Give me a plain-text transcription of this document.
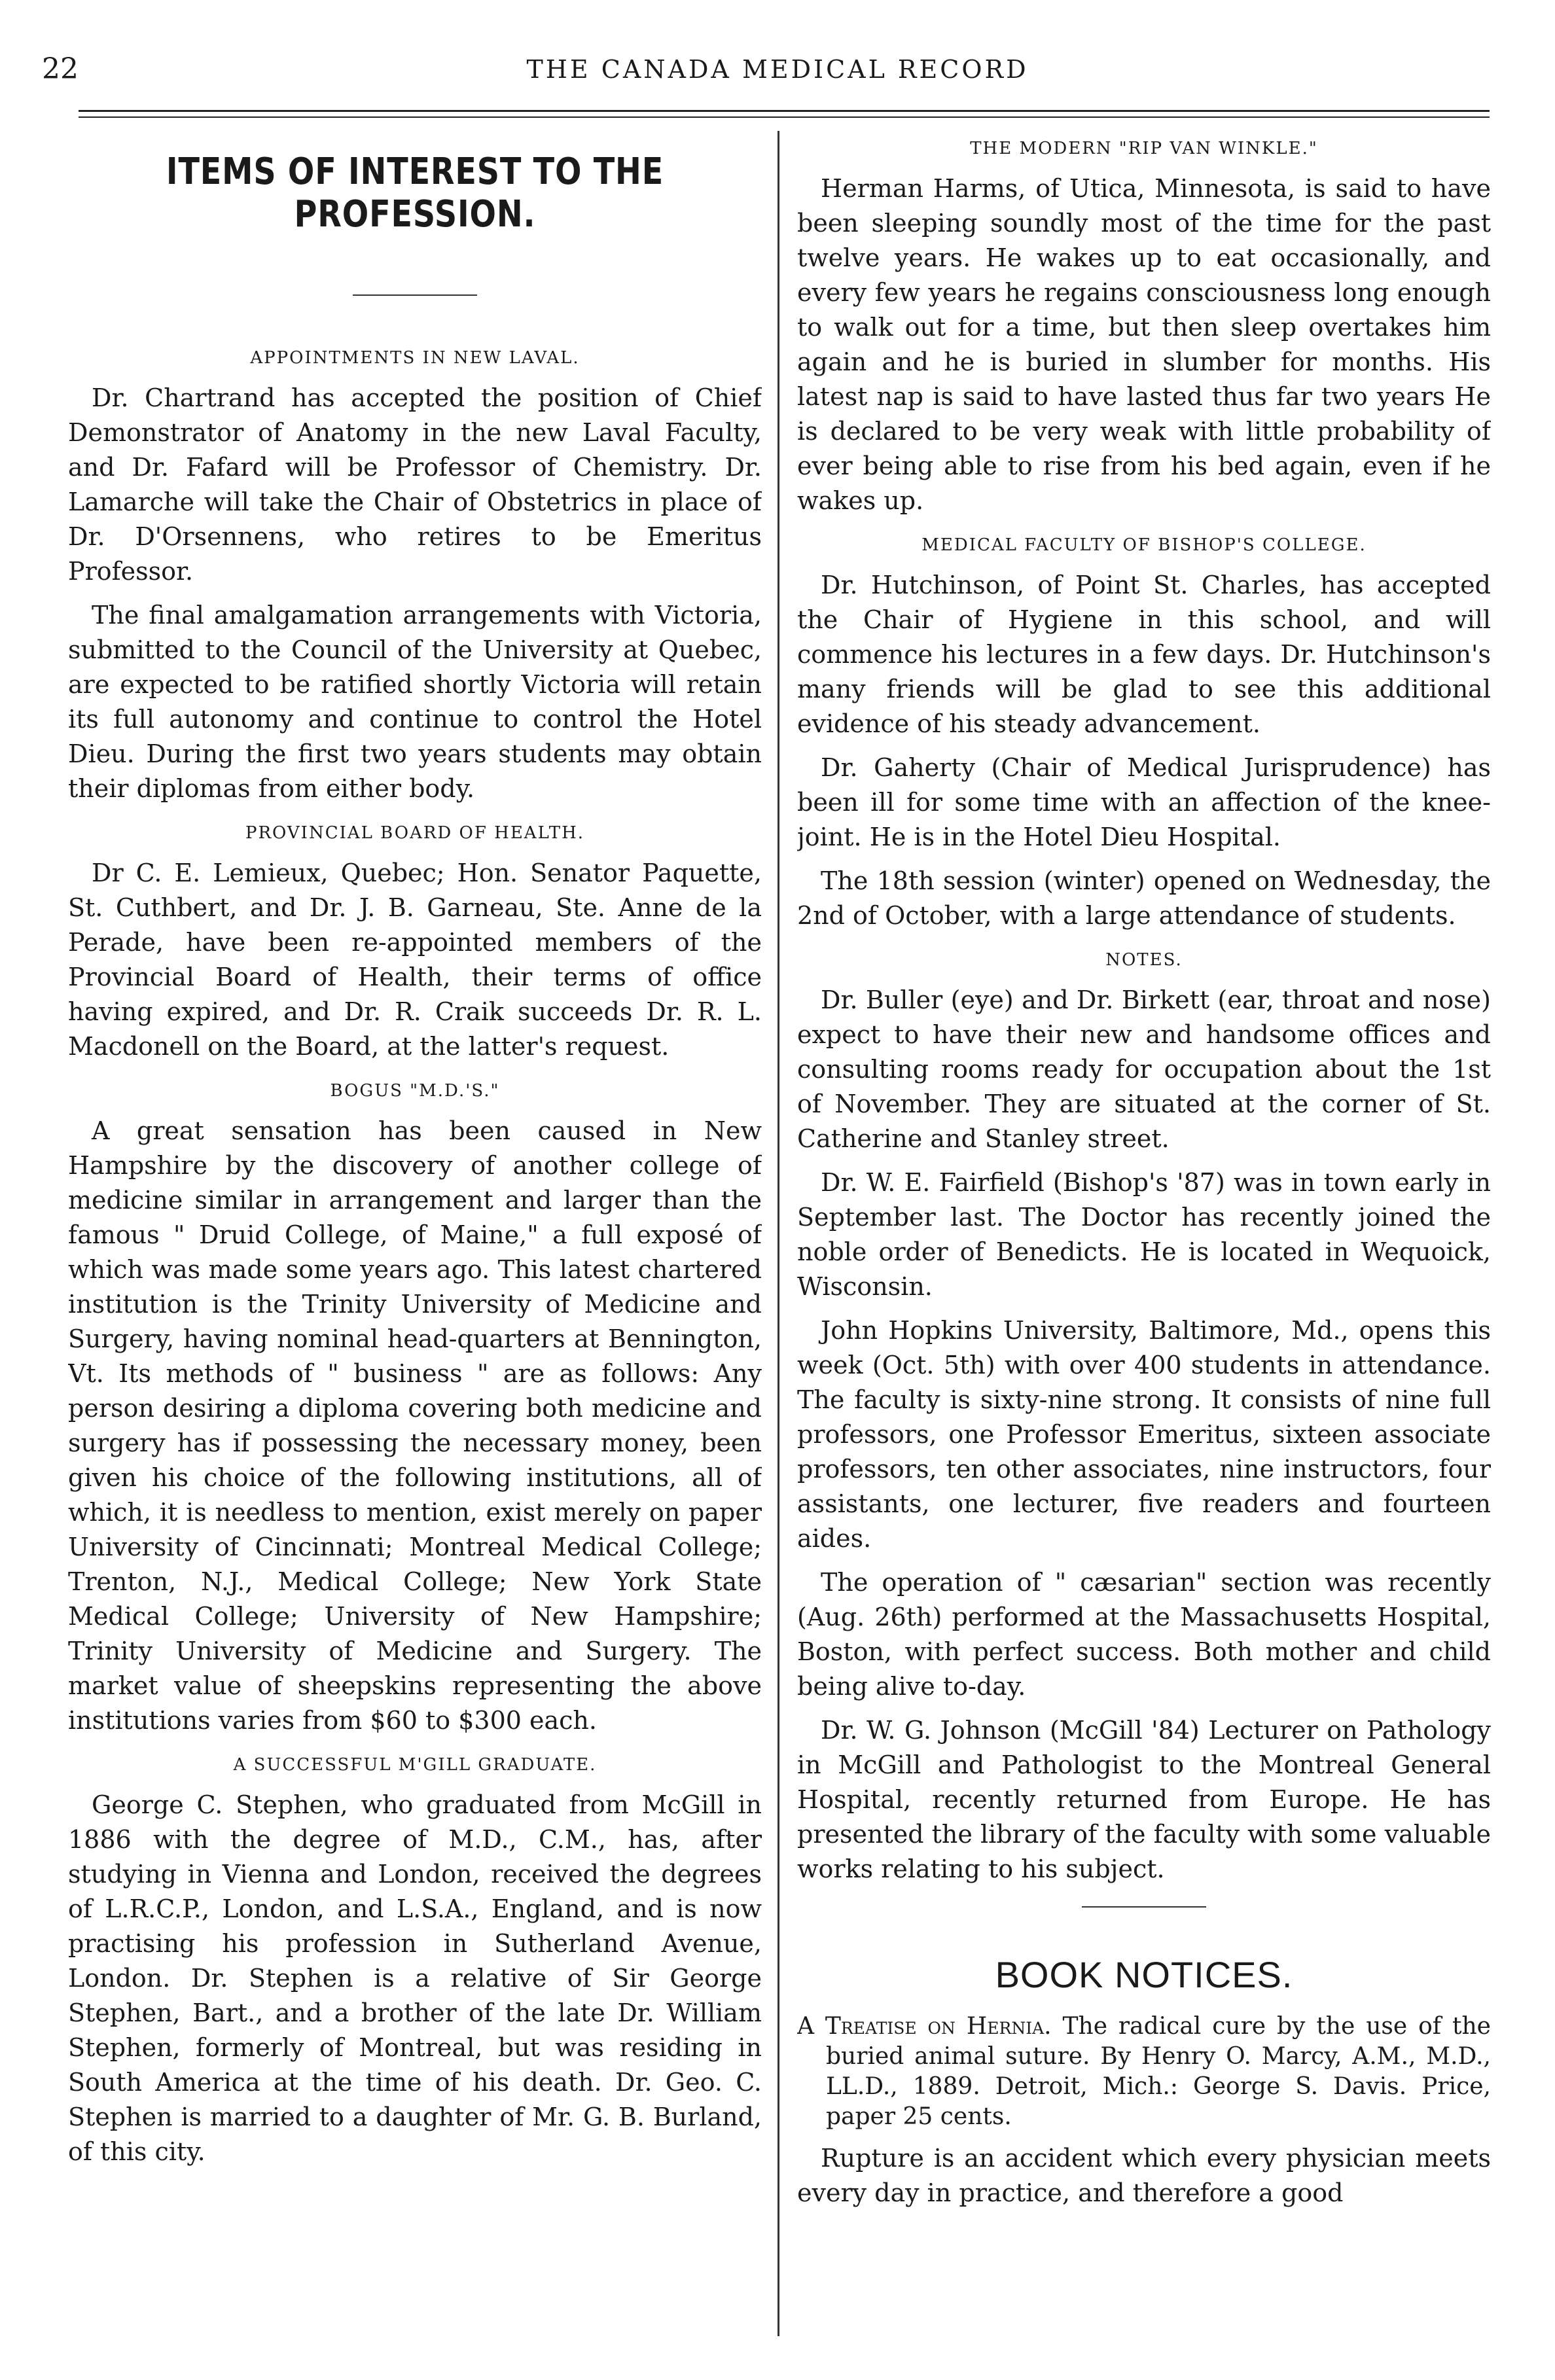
22	THE CANADA MEDICAL RECORD
ITEMS OF INTEREST TO THE PROFESSION.
APPOINTMENTS IN NEW LAVAL.

Dr. Chartrand has accepted the position of Chief Demonstrator of Anatomy in the new Laval Faculty, and Dr. Fafard will be Professor of Chemistry. Dr. Lamarche will take the Chair of Obstetrics in place of Dr. D'Orsennens, who retires to be Emeritus Professor.

The final amalgamation arrangements with Victoria, submitted to the Council of the University at Quebec, are expected to be ratified shortly Victoria will retain its full autonomy and continue to control the Hotel Dieu. During the first two years students may obtain their diplomas from either body.

PROVINCIAL BOARD OF HEALTH.

Dr C. E. Lemieux, Quebec; Hon. Senator Paquette, St. Cuthbert, and Dr. J. B. Garneau, Ste. Anne de la Perade, have been re-appointed members of the Provincial Board of Health, their terms of office having expired, and Dr. R. Craik succeeds Dr. R. L. Macdonell on the Board, at the latter's request.

BOGUS "M.D.'S."

A great sensation has been caused in New Hampshire by the discovery of another college of medicine similar in arrangement and larger than the famous " Druid College, of Maine," a full exposé of which was made some years ago. This latest chartered institution is the Trinity University of Medicine and Surgery, having nominal head-quarters at Bennington, Vt. Its methods of " business " are as follows: Any person desiring a diploma covering both medicine and surgery has if possessing the necessary money, been given his choice of the following institutions, all of which, it is needless to mention, exist merely on paper University of Cincinnati; Montreal Medical College; Trenton, N.J., Medical College; New York State Medical College; University of New Hampshire; Trinity University of Medicine and Surgery. The market value of sheepskins representing the above institutions varies from $60 to $300 each.

A SUCCESSFUL M'GILL GRADUATE.

George C. Stephen, who graduated from McGill in 1886 with the degree of M.D., C.M., has, after studying in Vienna and London, received the degrees of L.R.C.P., London, and L.S.A., England, and is now practising his profession in Sutherland Avenue, London. Dr. Stephen is a relative of Sir George Stephen, Bart., and a brother of the late Dr. William Stephen, formerly of Montreal, but was residing in South America at the time of his death. Dr. Geo. C. Stephen is married to a daughter of Mr. G. B. Burland, of this city.

THE MODERN "RIP VAN WINKLE."

Herman Harms, of Utica, Minnesota, is said to have been sleeping soundly most of the time for the past twelve years. He wakes up to eat occasionally, and every few years he regains consciousness long enough to walk out for a time, but then sleep overtakes him again and he is buried in slumber for months. His latest nap is said to have lasted thus far two years He is declared to be very weak with little probability of ever being able to rise from his bed again, even if he wakes up.

MEDICAL FACULTY OF BISHOP'S COLLEGE.

Dr. Hutchinson, of Point St. Charles, has accepted the Chair of Hygiene in this school, and will commence his lectures in a few days. Dr. Hutchinson's many friends will be glad to see this additional evidence of his steady advancement.

Dr. Gaherty (Chair of Medical Jurisprudence) has been ill for some time with an affection of the knee-joint. He is in the Hotel Dieu Hospital.

The 18th session (winter) opened on Wednesday, the 2nd of October, with a large attendance of students.

NOTES.

Dr. Buller (eye) and Dr. Birkett (ear, throat and nose) expect to have their new and handsome offices and consulting rooms ready for occupation about the 1st of November. They are situated at the corner of St. Catherine and Stanley street.

Dr. W. E. Fairfield (Bishop's '87) was in town early in September last. The Doctor has recently joined the noble order of Benedicts. He is located in Wequoick, Wisconsin.

John Hopkins University, Baltimore, Md., opens this week (Oct. 5th) with over 400 students in attendance. The faculty is sixty-nine strong. It consists of nine full professors, one Professor Emeritus, sixteen associate professors, ten other associates, nine instructors, four assistants, one lecturer, five readers and fourteen aides.

The operation of " cæsarian" section was recently (Aug. 26th) performed at the Massachusetts Hospital, Boston, with perfect success. Both mother and child being alive to-day.

Dr. W. G. Johnson (McGill '84) Lecturer on Pathology in McGill and Pathologist to the Montreal General Hospital, recently returned from Europe. He has presented the library of the faculty with some valuable works relating to his subject.

BOOK NOTICES.
A Treatise on Hernia. The radical cure by the use of the buried animal suture. By Henry O. Marcy, A.M., M.D., LL.D., 1889. Detroit, Mich.: George S. Davis. Price, paper 25 cents.

Rupture is an accident which every physician meets every day in practice, and therefore a good
